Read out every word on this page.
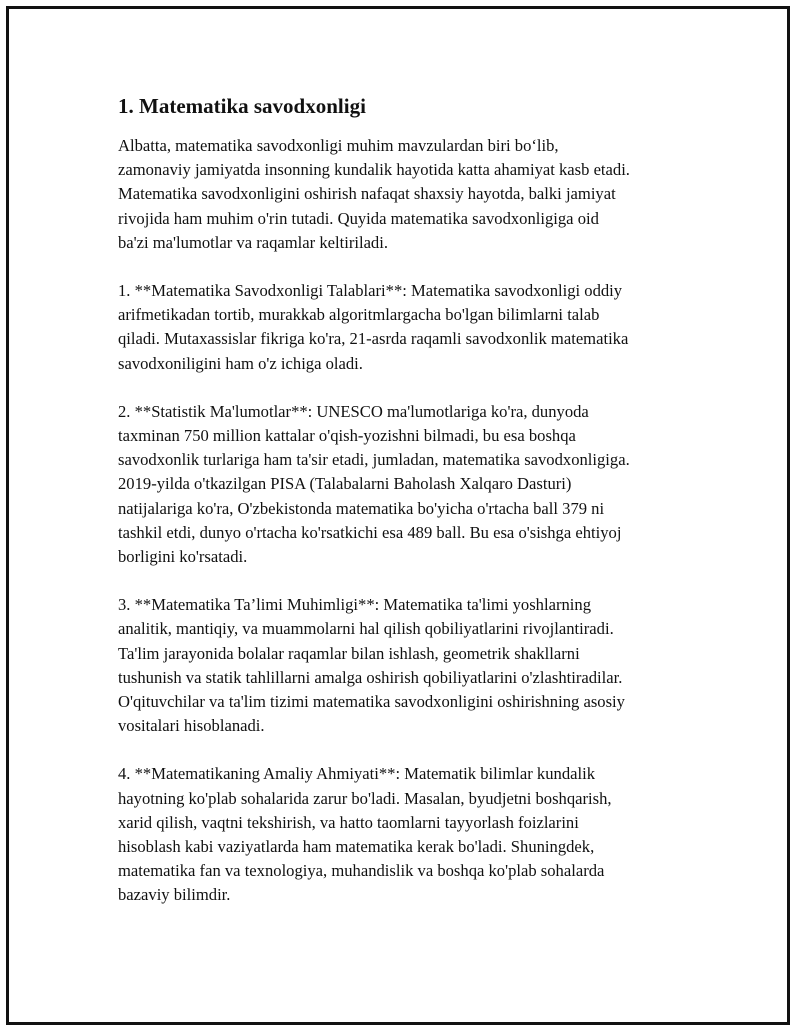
1. Matematika savodxonligi
Albatta, matematika savodxonligi muhim mavzulardan biri bo‘lib,
zamonaviy jamiyatda insonning kundalik hayotida katta ahamiyat kasb etadi.
Matematika savodxonligini oshirish nafaqat shaxsiy hayotda, balki jamiyat
rivojida ham muhim o'rin tutadi. Quyida matematika savodxonligiga oid
ba'zi ma'lumotlar va raqamlar keltiriladi.
1. **Matematika Savodxonligi Talablari**: Matematika savodxonligi oddiy
arifmetikadan tortib, murakkab algoritmlargacha bo'lgan bilimlarni talab
qiladi. Mutaxassislar fikriga ko'ra, 21-asrda raqamli savodxonlik matematika
savodxoniligini ham o'z ichiga oladi.
2. **Statistik Ma'lumotlar**: UNESCO ma'lumotlariga ko'ra, dunyoda
taxminan 750 million kattalar o'qish-yozishni bilmadi, bu esa boshqa
savodxonlik turlariga ham ta'sir etadi, jumladan, matematika savodxonligiga.
2019-yilda o'tkazilgan PISA (Talabalarni Baholash Xalqaro Dasturi)
natijalariga ko'ra, O'zbekistonda matematika bo'yicha o'rtacha ball 379 ni
tashkil etdi, dunyo o'rtacha ko'rsatkichi esa 489 ball. Bu esa o'sishga ehtiyoj
borligini ko'rsatadi.
3. **Matematika Ta’limi Muhimligi**: Matematika ta'limi yoshlarning
analitik, mantiqiy, va muammolarni hal qilish qobiliyatlarini rivojlantiradi.
Ta'lim jarayonida bolalar raqamlar bilan ishlash, geometrik shakllarni
tushunish va statik tahlillarni amalga oshirish qobiliyatlarini o'zlashtiradilar.
O'qituvchilar va ta'lim tizimi matematika savodxonligini oshirishning asosiy
vositalari hisoblanadi.
4. **Matematikaning Amaliy Ahmiyati**: Matematik bilimlar kundalik
hayotning ko'plab sohalarida zarur bo'ladi. Masalan, byudjetni boshqarish,
xarid qilish, vaqtni tekshirish, va hatto taomlarni tayyorlash foizlarini
hisoblash kabi vaziyatlarda ham matematika kerak bo'ladi. Shuningdek,
matematika fan va texnologiya, muhandislik va boshqa ko'plab sohalarda
bazaviy bilimdir.
